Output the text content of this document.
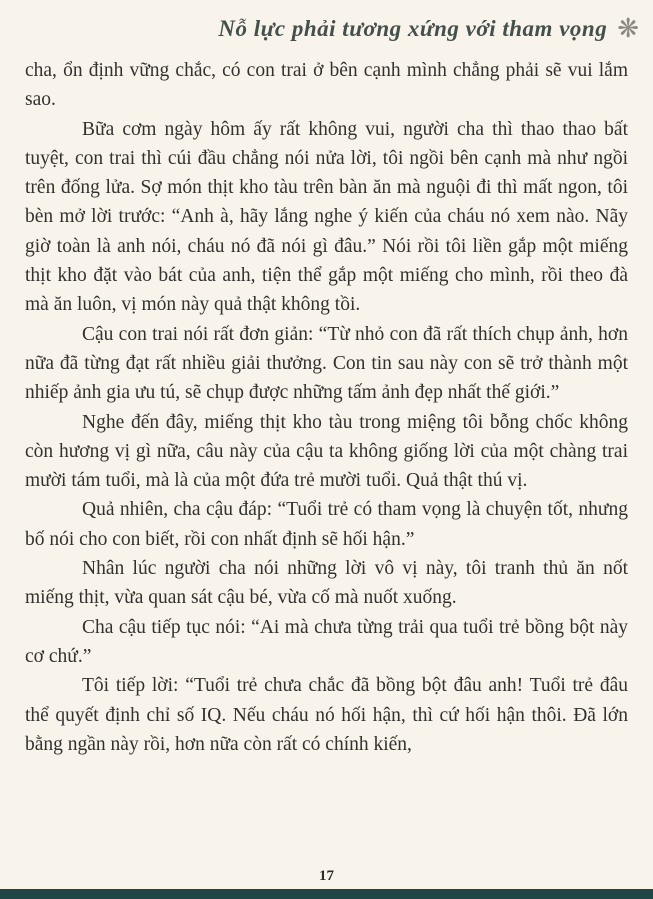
Nỗ lực phải tương xứng với tham vọng ❋

cha, ổn định vững chắc, có con trai ở bên cạnh mình chẳng phải sẽ vui lắm sao.

Bữa cơm ngày hôm ấy rất không vui, người cha thì thao thao bất tuyệt, con trai thì cúi đầu chẳng nói nửa lời, tôi ngồi bên cạnh mà như ngồi trên đống lửa. Sợ món thịt kho tàu trên bàn ăn mà nguội đi thì mất ngon, tôi bèn mở lời trước: “Anh à, hãy lắng nghe ý kiến của cháu nó xem nào. Nãy giờ toàn là anh nói, cháu nó đã nói gì đâu.” Nói rồi tôi liền gắp một miếng thịt kho đặt vào bát của anh, tiện thể gắp một miếng cho mình, rồi theo đà mà ăn luôn, vị món này quả thật không tồi.

Cậu con trai nói rất đơn giản: “Từ nhỏ con đã rất thích chụp ảnh, hơn nữa đã từng đạt rất nhiều giải thưởng. Con tin sau này con sẽ trở thành một nhiếp ảnh gia ưu tú, sẽ chụp được những tấm ảnh đẹp nhất thế giới.”

Nghe đến đây, miếng thịt kho tàu trong miệng tôi bỗng chốc không còn hương vị gì nữa, câu này của cậu ta không giống lời của một chàng trai mười tám tuổi, mà là của một đứa trẻ mười tuổi. Quả thật thú vị.

Quả nhiên, cha cậu đáp: “Tuổi trẻ có tham vọng là chuyện tốt, nhưng bố nói cho con biết, rồi con nhất định sẽ hối hận.”

Nhân lúc người cha nói những lời vô vị này, tôi tranh thủ ăn nốt miếng thịt, vừa quan sát cậu bé, vừa cố mà nuốt xuống.

Cha cậu tiếp tục nói: “Ai mà chưa từng trải qua tuổi trẻ bồng bột này cơ chứ.”

Tôi tiếp lời: “Tuổi trẻ chưa chắc đã bồng bột đâu anh! Tuổi trẻ đâu thể quyết định chỉ số IQ. Nếu cháu nó hối hận, thì cứ hối hận thôi. Đã lớn bằng ngần này rồi, hơn nữa còn rất có chính kiến,

17
